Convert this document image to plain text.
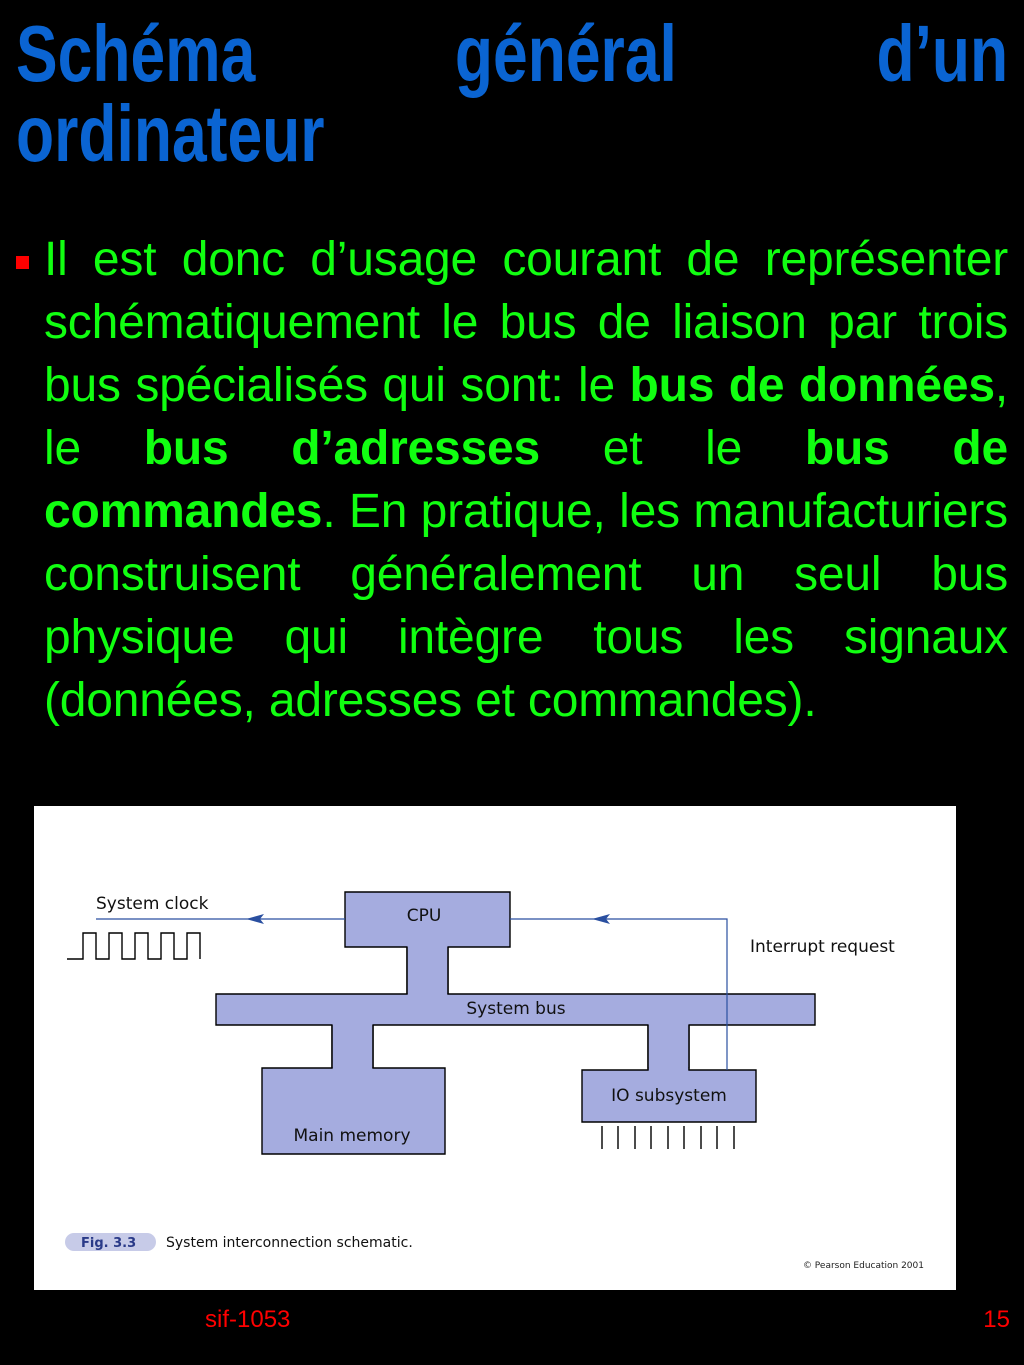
Schéma général d’un
ordinateur
Il est donc d’usage courant de représenter schématiquement le bus de liaison par trois bus spécialisés qui sont: le bus de données, le bus d’adresses et le bus de commandes. En pratique, les manufacturiers construisent généralement un seul bus physique qui intègre tous les signaux (données, adresses et commandes).
System clock
CPU
Interrupt request
System bus
Main memory
IO subsystem
Fig. 3.3 System interconnection schematic.
© Pearson Education 2001
sif-1053	15
